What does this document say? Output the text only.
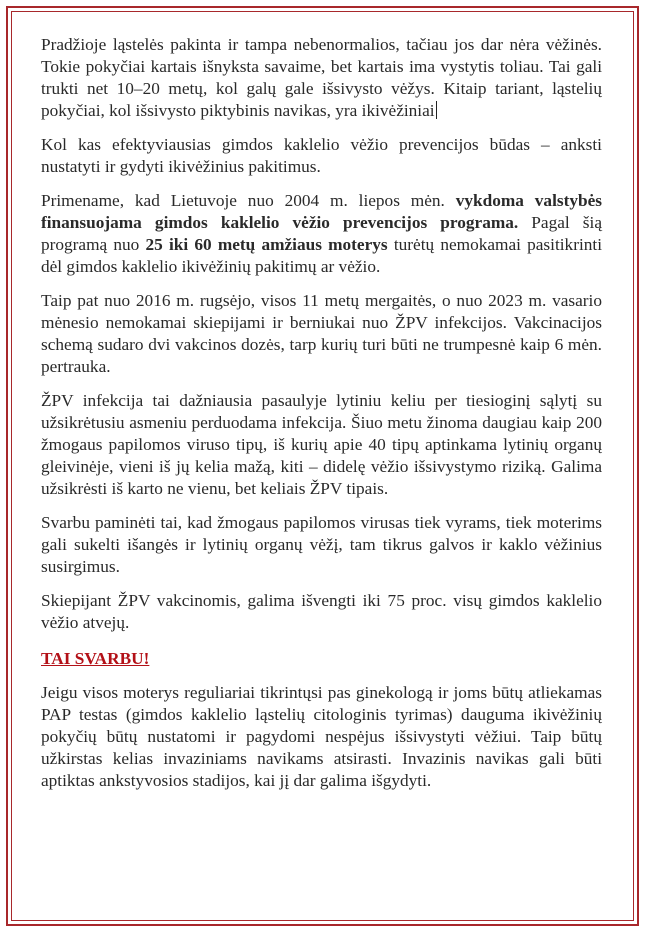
Pradžioje ląstelės pakinta ir tampa nebenormalios, tačiau jos dar nėra vėžinės. Tokie pokyčiai kartais išnyksta savaime, bet kartais ima vystytis toliau. Tai gali trukti net 10–20 metų, kol galų gale išsivysto vėžys. Kitaip tariant, ląstelių pokyčiai, kol išsivysto piktybinis navikas, yra ikivėžiniai

Kol kas efektyviausias gimdos kaklelio vėžio prevencijos būdas – anksti nustatyti ir gydyti ikivėžinius pakitimus.

Primename, kad Lietuvoje nuo 2004 m. liepos mėn. vykdoma valstybės finansuojama gimdos kaklelio vėžio prevencijos programa. Pagal šią programą nuo 25 iki 60 metų amžiaus moterys turėtų nemokamai pasitikrinti dėl gimdos kaklelio ikivėžinių pakitimų ar vėžio.

Taip pat nuo 2016 m. rugsėjo, visos 11 metų mergaitės, o nuo 2023 m. vasario mėnesio nemokamai skiepijami ir berniukai nuo ŽPV infekcijos. Vakcinacijos schemą sudaro dvi vakcinos dozės, tarp kurių turi būti ne trumpesnė kaip 6 mėn. pertrauka.

ŽPV infekcija tai dažniausia pasaulyje lytiniu keliu per tiesioginį sąlytį su užsikrėtusiu asmeniu perduodama infekcija. Šiuo metu žinoma daugiau kaip 200 žmogaus papilomos viruso tipų, iš kurių apie 40 tipų aptinkama lytinių organų gleivinėje, vieni iš jų kelia mažą, kiti – didelę vėžio išsivystymo riziką. Galima užsikrėsti iš karto ne vienu, bet keliais ŽPV tipais.

Svarbu paminėti tai, kad žmogaus papilomos virusas tiek vyrams, tiek moterims gali sukelti išangės ir lytinių organų vėžį, tam tikrus galvos ir kaklo vėžinius susirgimus.

Skiepijant ŽPV vakcinomis, galima išvengti iki 75 proc. visų gimdos kaklelio vėžio atvejų.

TAI SVARBU!

Jeigu visos moterys reguliariai tikrintųsi pas ginekologą ir joms būtų atliekamas PAP testas (gimdos kaklelio ląstelių citologinis tyrimas) dauguma ikivėžinių pokyčių būtų nustatomi ir pagydomi nespėjus išsivystyti vėžiui. Taip būtų užkirstas kelias invaziniams navikams atsirasti. Invazinis navikas gali būti aptiktas ankstyvosios stadijos, kai jį dar galima išgydyti.
